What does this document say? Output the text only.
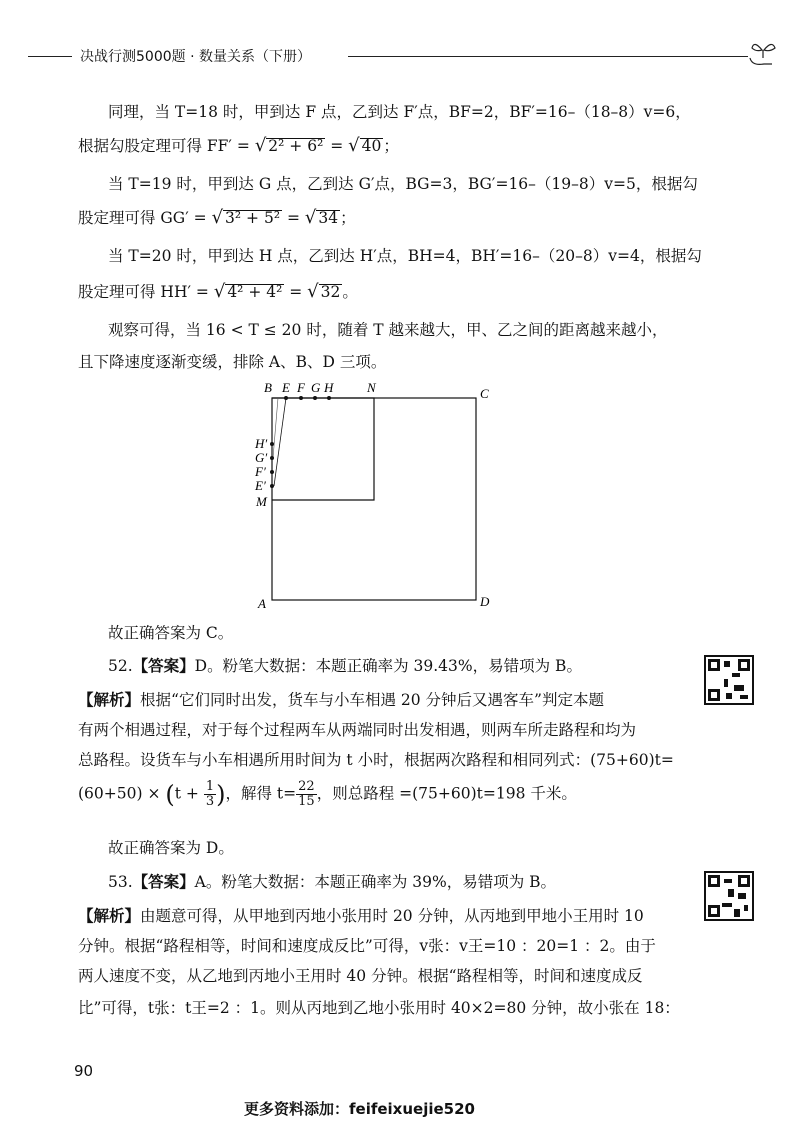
决战行测5000题 · 数量关系（下册）
同理，当 T=18 时，甲到达 F 点，乙到达 F′点，BF=2，BF′=16–（18–8）v=6，
根据勾股定理可得 FF′ = √ 2² + 6² = √ 40 ；
当 T=19 时，甲到达 G 点，乙到达 G′点，BG=3，BG′=16–（19–8）v=5，根据勾
股定理可得 GG′ = √ 3² + 5² = √ 34 ；
当 T=20 时，甲到达 H 点，乙到达 H′点，BH=4，BH′=16–（20–8）v=4，根据勾
股定理可得 HH′ = √ 4² + 4² = √ 32 。
观察可得，当 16 < T ≤ 20 时，随着 T 越来越大，甲、乙之间的距离越来越小，
且下降速度逐渐变缓，排除 A、B、D 三项。
B E F G H	N	C
H′
G′
F′
E′
M
A	D
故正确答案为 C。
52.【答案】D。粉笔大数据：本题正确率为 39.43%，易错项为 B。
【解析】根据“它们同时出发，货车与小车相遇 20 分钟后又遇客车”判定本题
有两个相遇过程，对于每个过程两车从两端同时出发相遇，则两车所走路程和均为
总路程。设货车与小车相遇所用时间为 t 小时，根据两次路程和相同列式：(75+60)t=
$(60+50) \times (t + \frac{1}{3}$ )，解得 $t= \frac{22}{15}$ ，则总路程 =(75+60)t=198 千米。
故正确答案为 D。
53.【答案】A。粉笔大数据：本题正确率为 39%，易错项为 B。
【解析】由题意可得，从甲地到丙地小张用时 20 分钟，从丙地到甲地小王用时 10
分钟。根据“路程相等，时间和速度成反比”可得，v张：v王=10 ：20=1 ：2。由于
两人速度不变，从乙地到丙地小王用时 40 分钟。根据“路程相等，时间和速度成反
比”可得，t张：t王=2 ：1。则从丙地到乙地小张用时 40×2=80 分钟，故小张在 18：
90
更多资料添加：feifeixuejie520
